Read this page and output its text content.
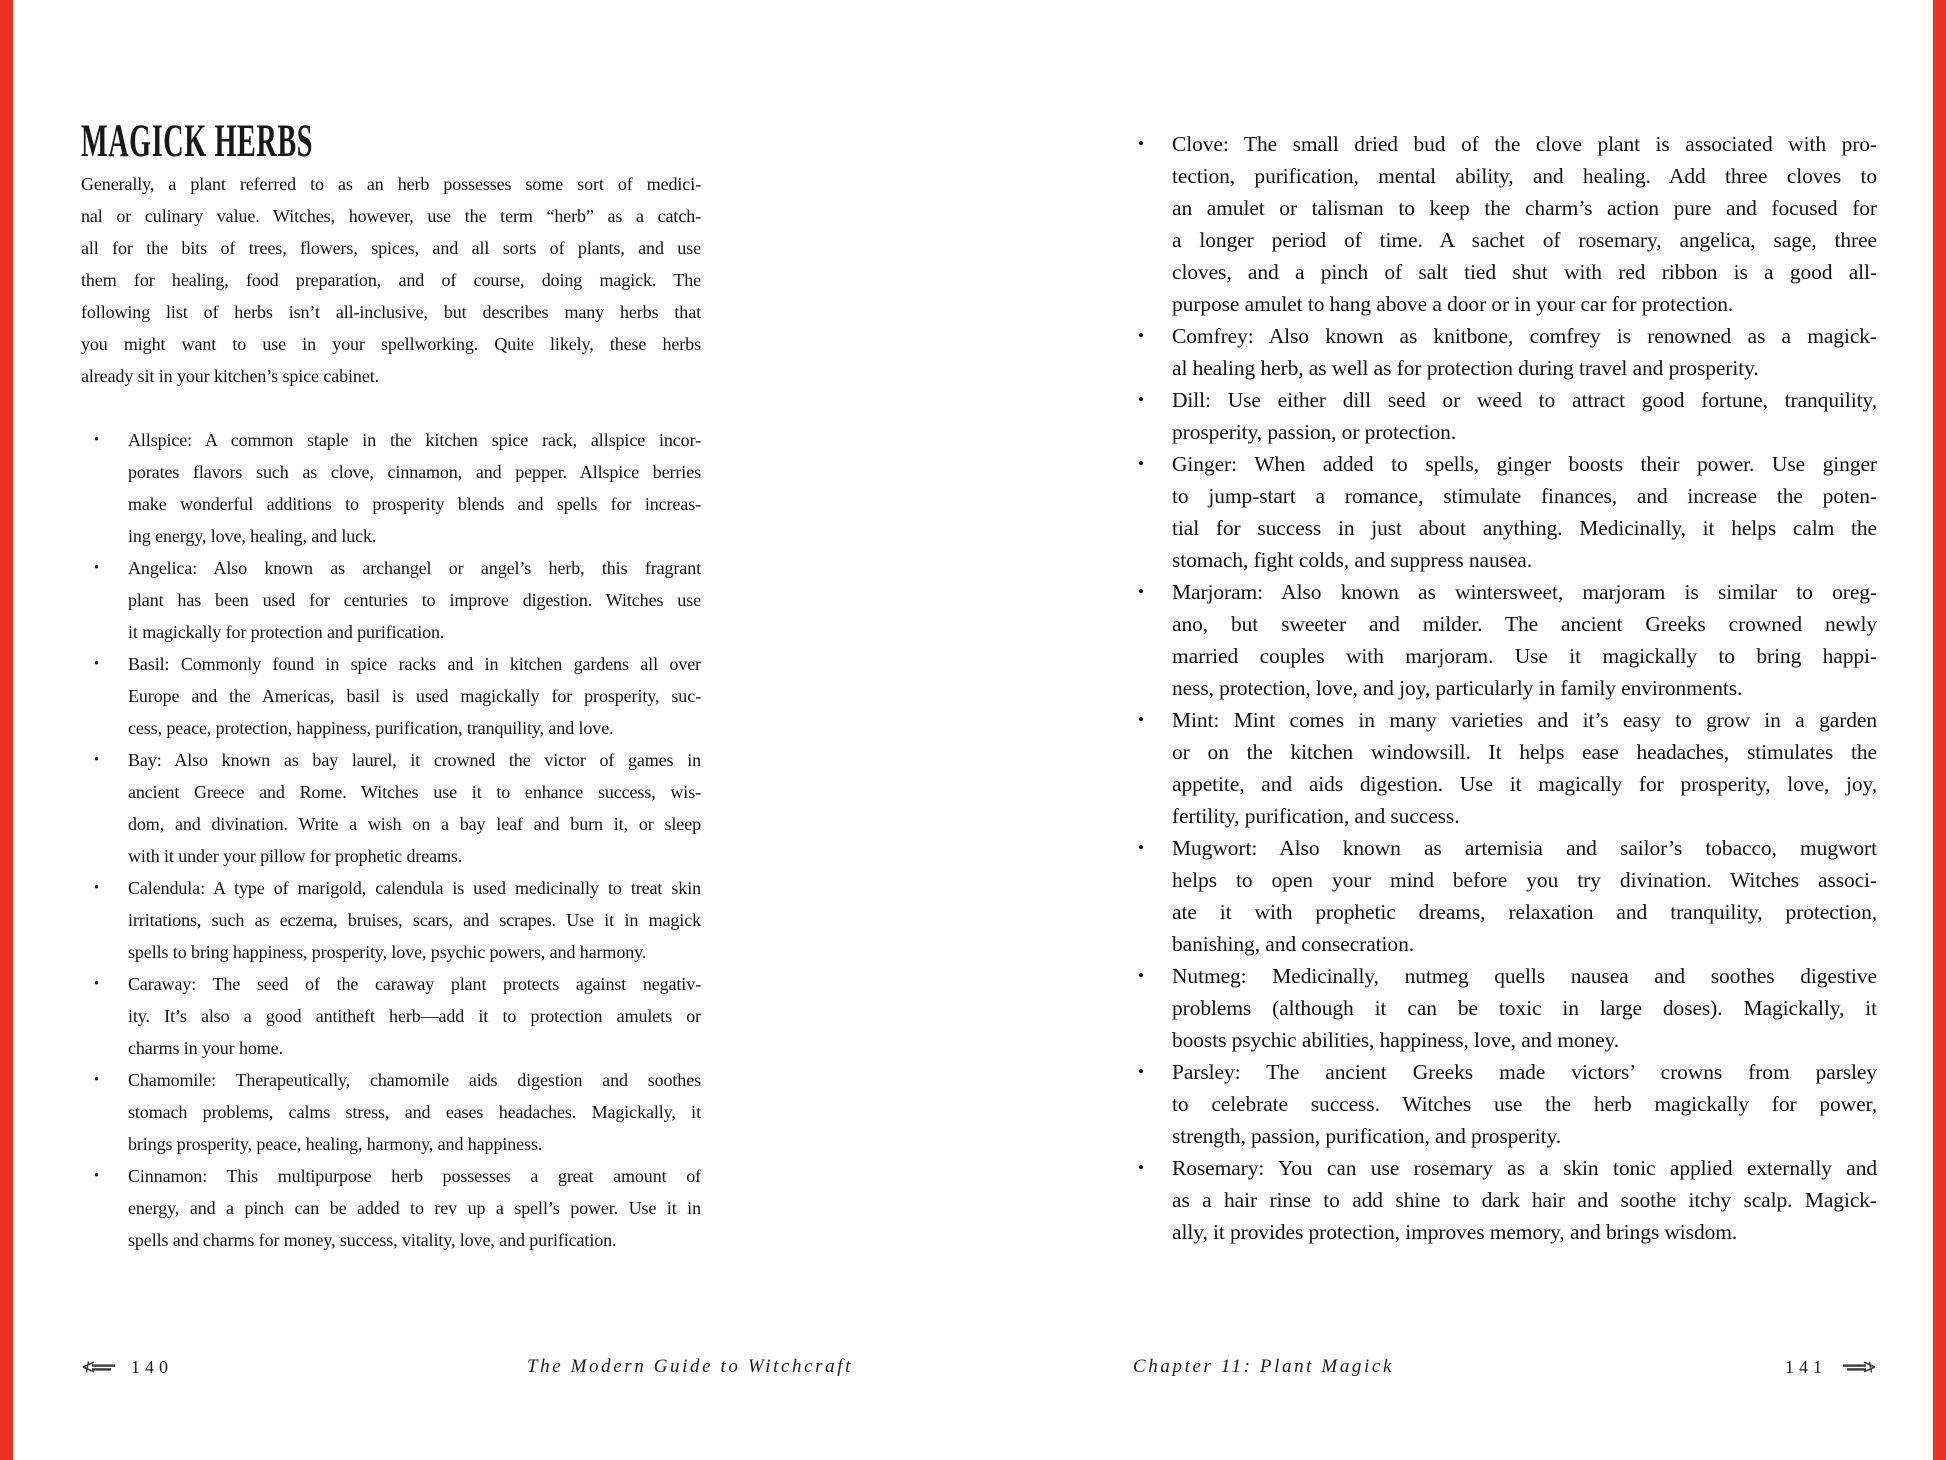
MAGICK HERBS
Generally, a plant referred to as an herb possesses some sort of medici-
nal or culinary value. Witches, however, use the term “herb” as a catch-
all for the bits of trees, flowers, spices, and all sorts of plants, and use
them for healing, food preparation, and of course, doing magick. The
following list of herbs isn’t all-inclusive, but describes many herbs that
you might want to use in your spellworking. Quite likely, these herbs
already sit in your kitchen’s spice cabinet.
• Allspice: A common staple in the kitchen spice rack, allspice incor-
porates flavors such as clove, cinnamon, and pepper. Allspice berries
make wonderful additions to prosperity blends and spells for increas-
ing energy, love, healing, and luck.
• Angelica: Also known as archangel or angel’s herb, this fragrant
plant has been used for centuries to improve digestion. Witches use
it magickally for protection and purification.
• Basil: Commonly found in spice racks and in kitchen gardens all over
Europe and the Americas, basil is used magickally for prosperity, suc-
cess, peace, protection, happiness, purification, tranquility, and love.
• Bay: Also known as bay laurel, it crowned the victor of games in
ancient Greece and Rome. Witches use it to enhance success, wis-
dom, and divination. Write a wish on a bay leaf and burn it, or sleep
with it under your pillow for prophetic dreams.
• Calendula: A type of marigold, calendula is used medicinally to treat skin
irritations, such as eczema, bruises, scars, and scrapes. Use it in magick
spells to bring happiness, prosperity, love, psychic powers, and harmony.
• Caraway: The seed of the caraway plant protects against negativ-
ity. It’s also a good antitheft herb—add it to protection amulets or
charms in your home.
• Chamomile: Therapeutically, chamomile aids digestion and soothes
stomach problems, calms stress, and eases headaches. Magickally, it
brings prosperity, peace, healing, harmony, and happiness.
• Cinnamon: This multipurpose herb possesses a great amount of
energy, and a pinch can be added to rev up a spell’s power. Use it in
spells and charms for money, success, vitality, love, and purification.
• Clove: The small dried bud of the clove plant is associated with pro-
tection, purification, mental ability, and healing. Add three cloves to
an amulet or talisman to keep the charm’s action pure and focused for
a longer period of time. A sachet of rosemary, angelica, sage, three
cloves, and a pinch of salt tied shut with red ribbon is a good all-
purpose amulet to hang above a door or in your car for protection.
• Comfrey: Also known as knitbone, comfrey is renowned as a magick-
al healing herb, as well as for protection during travel and prosperity.
• Dill: Use either dill seed or weed to attract good fortune, tranquility,
prosperity, passion, or protection.
• Ginger: When added to spells, ginger boosts their power. Use ginger
to jump-start a romance, stimulate finances, and increase the poten-
tial for success in just about anything. Medicinally, it helps calm the
stomach, fight colds, and suppress nausea.
• Marjoram: Also known as wintersweet, marjoram is similar to oreg-
ano, but sweeter and milder. The ancient Greeks crowned newly
married couples with marjoram. Use it magickally to bring happi-
ness, protection, love, and joy, particularly in family environments.
• Mint: Mint comes in many varieties and it’s easy to grow in a garden
or on the kitchen windowsill. It helps ease headaches, stimulates the
appetite, and aids digestion. Use it magically for prosperity, love, joy,
fertility, purification, and success.
• Mugwort: Also known as artemisia and sailor’s tobacco, mugwort
helps to open your mind before you try divination. Witches associ-
ate it with prophetic dreams, relaxation and tranquility, protection,
banishing, and consecration.
• Nutmeg: Medicinally, nutmeg quells nausea and soothes digestive
problems (although it can be toxic in large doses). Magickally, it
boosts psychic abilities, happiness, love, and money.
• Parsley: The ancient Greeks made victors’ crowns from parsley
to celebrate success. Witches use the herb magickally for power,
strength, passion, purification, and prosperity.
• Rosemary: You can use rosemary as a skin tonic applied externally and
as a hair rinse to add shine to dark hair and soothe itchy scalp. Magick-
ally, it provides protection, improves memory, and brings wisdom.
140	The Modern Guide to Witchcraft	Chapter 11: Plant Magick	141
